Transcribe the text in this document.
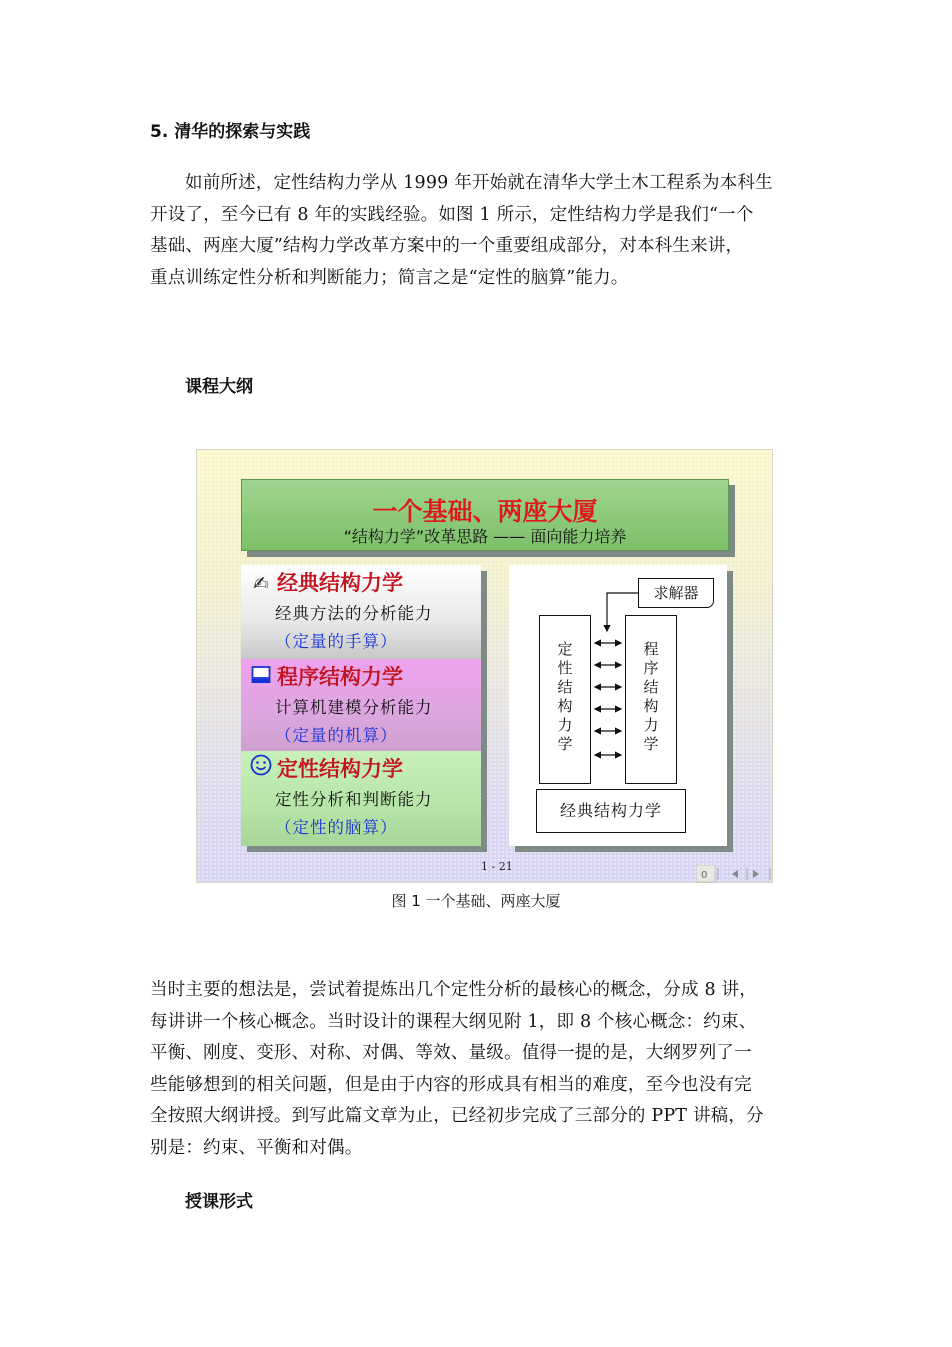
5. 清华的探索与实践

如前所述，定性结构力学从 1999 年开始就在清华大学土木工程系为本科生

开设了，至今已有 8 年的实践经验。如图 1 所示，定性结构力学是我们“一个

基础、两座大厦”结构力学改革方案中的一个重要组成部分，对本科生来讲，

重点训练定性分析和判断能力；简言之是“定性的脑算”能力。

课程大纲
一个基础、两座大厦
“结构力学”改革思路 —— 面向能力培养
✍ 经典结构力学
经典方法的分析能力
（定量的手算）
程序结构力学
计算机建模分析能力
（定量的机算）
定性结构力学
定性分析和判断能力
（定性的脑算）
求解器
定
性
结
构
力
学
程
序
结
构
力
学
经典结构力学
1 - 21
0
图 1 一个基础、两座大厦

当时主要的想法是，尝试着提炼出几个定性分析的最核心的概念，分成 8 讲，

每讲讲一个核心概念。当时设计的课程大纲见附 1，即 8 个核心概念：约束、

平衡、刚度、变形、对称、对偶、等效、量级。值得一提的是，大纲罗列了一

些能够想到的相关问题，但是由于内容的形成具有相当的难度，至今也没有完

全按照大纲讲授。到写此篇文章为止，已经初步完成了三部分的 PPT 讲稿，分

别是：约束、平衡和对偶。

授课形式
